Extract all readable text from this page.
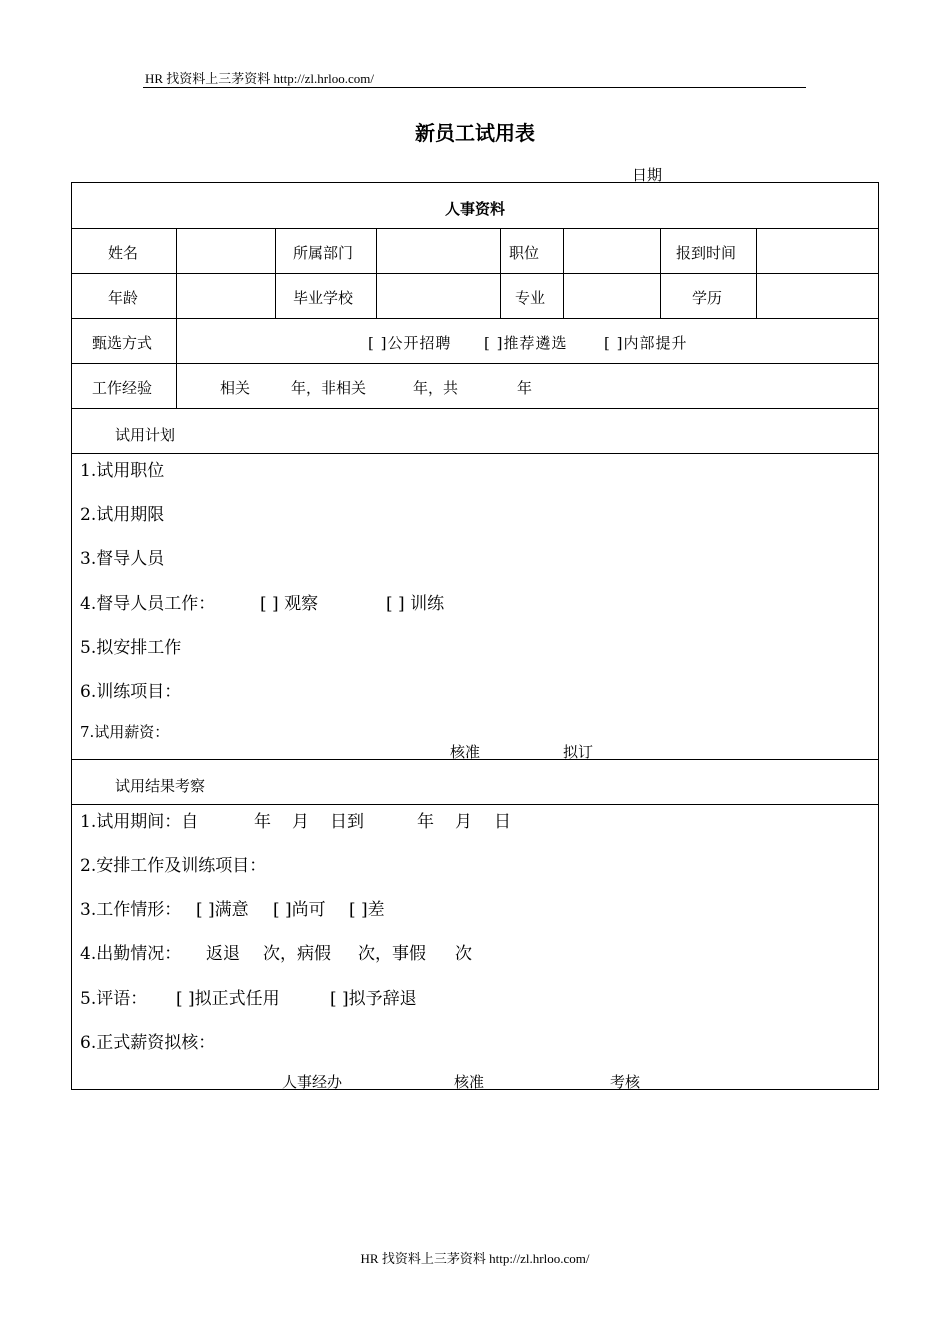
HR 找资料上三茅资料 http://zl.hrloo.com/
新员工试用表
日期
人事资料
姓名	所属部门	职位	报到时间
年龄	毕业学校	专业	学历
甄选方式	[ ]公开招聘 [ ]推荐遴选 [ ]内部提升
工作经验	相关	年，非相关	年，共	年
试用计划
1.试用职位
2.试用期限
3.督导人员
4.督导人员工作：	[ ] 观察	[ ] 训练
5.拟安排工作
6.训练项目：
7.试用薪资：
核准	拟订
试用结果考察
1.试用期间：自	年 月 日到	年 月 日
2.安排工作及训练项目：
3.工作情形： [ ]满意 [ ]尚可 [ ]差
4.出勤情况： 返退 次，病假 次，事假 次
5.评语： [ ]拟正式任用	[ ]拟予辞退
6.正式薪资拟核：
人事经办	核准	考核
HR 找资料上三茅资料 http://zl.hrloo.com/
